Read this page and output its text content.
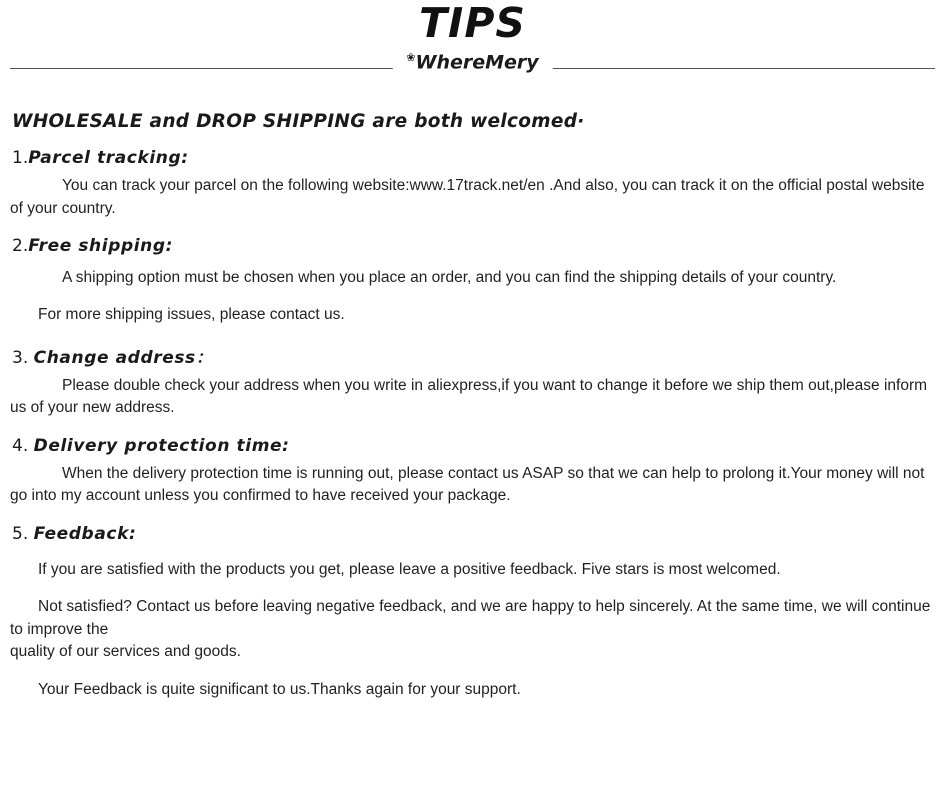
TIPS
❀WhereMery
WHOLESALE and DROP SHIPPING are both welcomed·
1.Parcel tracking:

You can track your parcel on the following website:www.17track.net/en .And also, you can track it on the official postal website of your country.

2.Free shipping:

A shipping option must be chosen when you place an order, and you can find the shipping details of your country.

For more shipping issues, please contact us.

3. Change address：

Please double check your address when you write in aliexpress,if you want to change it before we ship them out,please inform us of your new address.

4. Delivery protection time:

When the delivery protection time is running out, please contact us ASAP so that we can help to prolong it.Your money will not go into my account unless you confirmed to have received your package.

5. Feedback:

If you are satisfied with the products you get, please leave a positive feedback. Five stars is most welcomed.

Not satisfied? Contact us before leaving negative feedback, and we are happy to help sincerely. At the same time, we will continue to improve the

quality of our services and goods.

Your Feedback is quite significant to us.Thanks again for your support.
